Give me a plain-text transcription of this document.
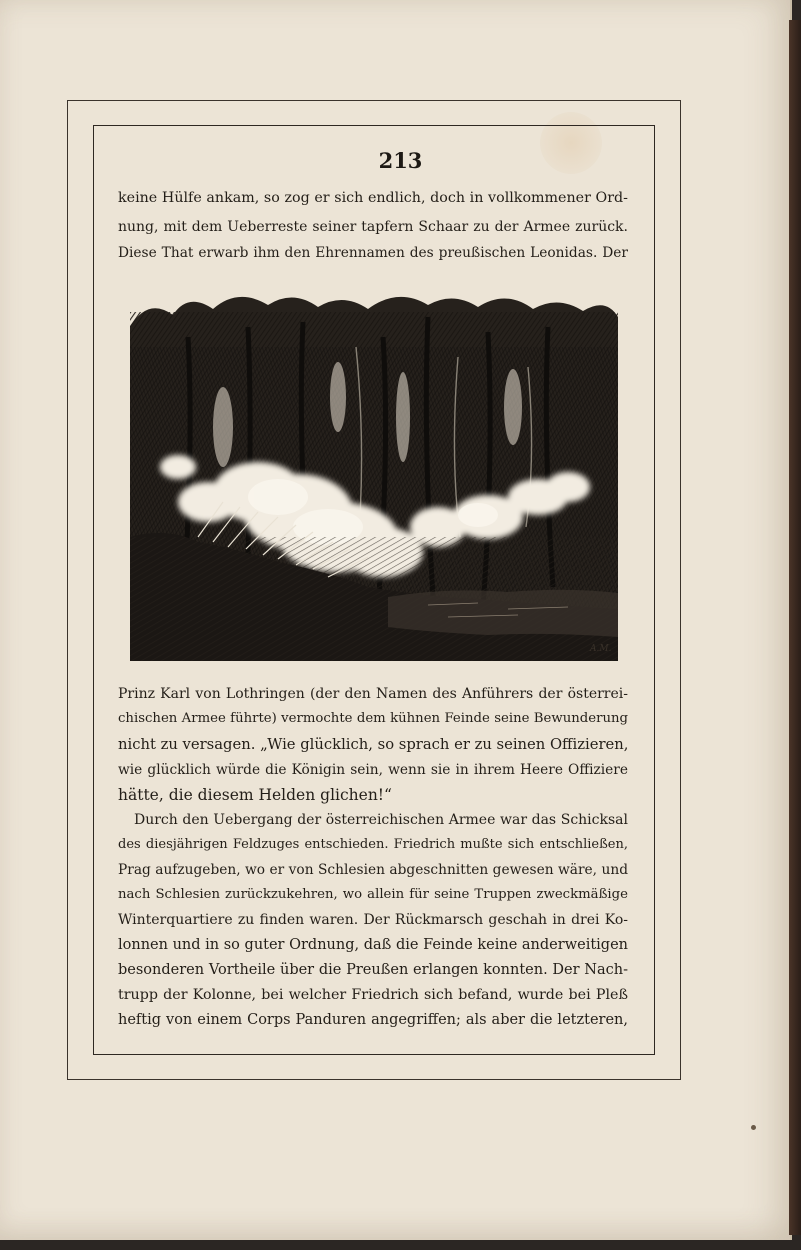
213
keine Hülfe ankam, so zog er sich endlich, doch in vollkommener Ord-
nung, mit dem Ueberreste seiner tapfern Schaar zu der Armee zurück.
Diese That erwarb ihm den Ehrennamen des preußischen Leonidas. Der
A.M.
Prinz Karl von Lothringen (der den Namen des Anführers der österrei-
chischen Armee führte) vermochte dem kühnen Feinde seine Bewunderung
nicht zu versagen. „Wie glücklich, so sprach er zu seinen Offizieren,
wie glücklich würde die Königin sein, wenn sie in ihrem Heere Offiziere
hätte, die diesem Helden glichen!“
Durch den Uebergang der österreichischen Armee war das Schicksal
des diesjährigen Feldzuges entschieden. Friedrich mußte sich entschließen,
Prag aufzugeben, wo er von Schlesien abgeschnitten gewesen wäre, und
nach Schlesien zurückzukehren, wo allein für seine Truppen zweckmäßige
Winterquartiere zu finden waren. Der Rückmarsch geschah in drei Ko-
lonnen und in so guter Ordnung, daß die Feinde keine anderweitigen
besonderen Vortheile über die Preußen erlangen konnten. Der Nach-
trupp der Kolonne, bei welcher Friedrich sich befand, wurde bei Pleß
heftig von einem Corps Panduren angegriffen; als aber die letzteren,
